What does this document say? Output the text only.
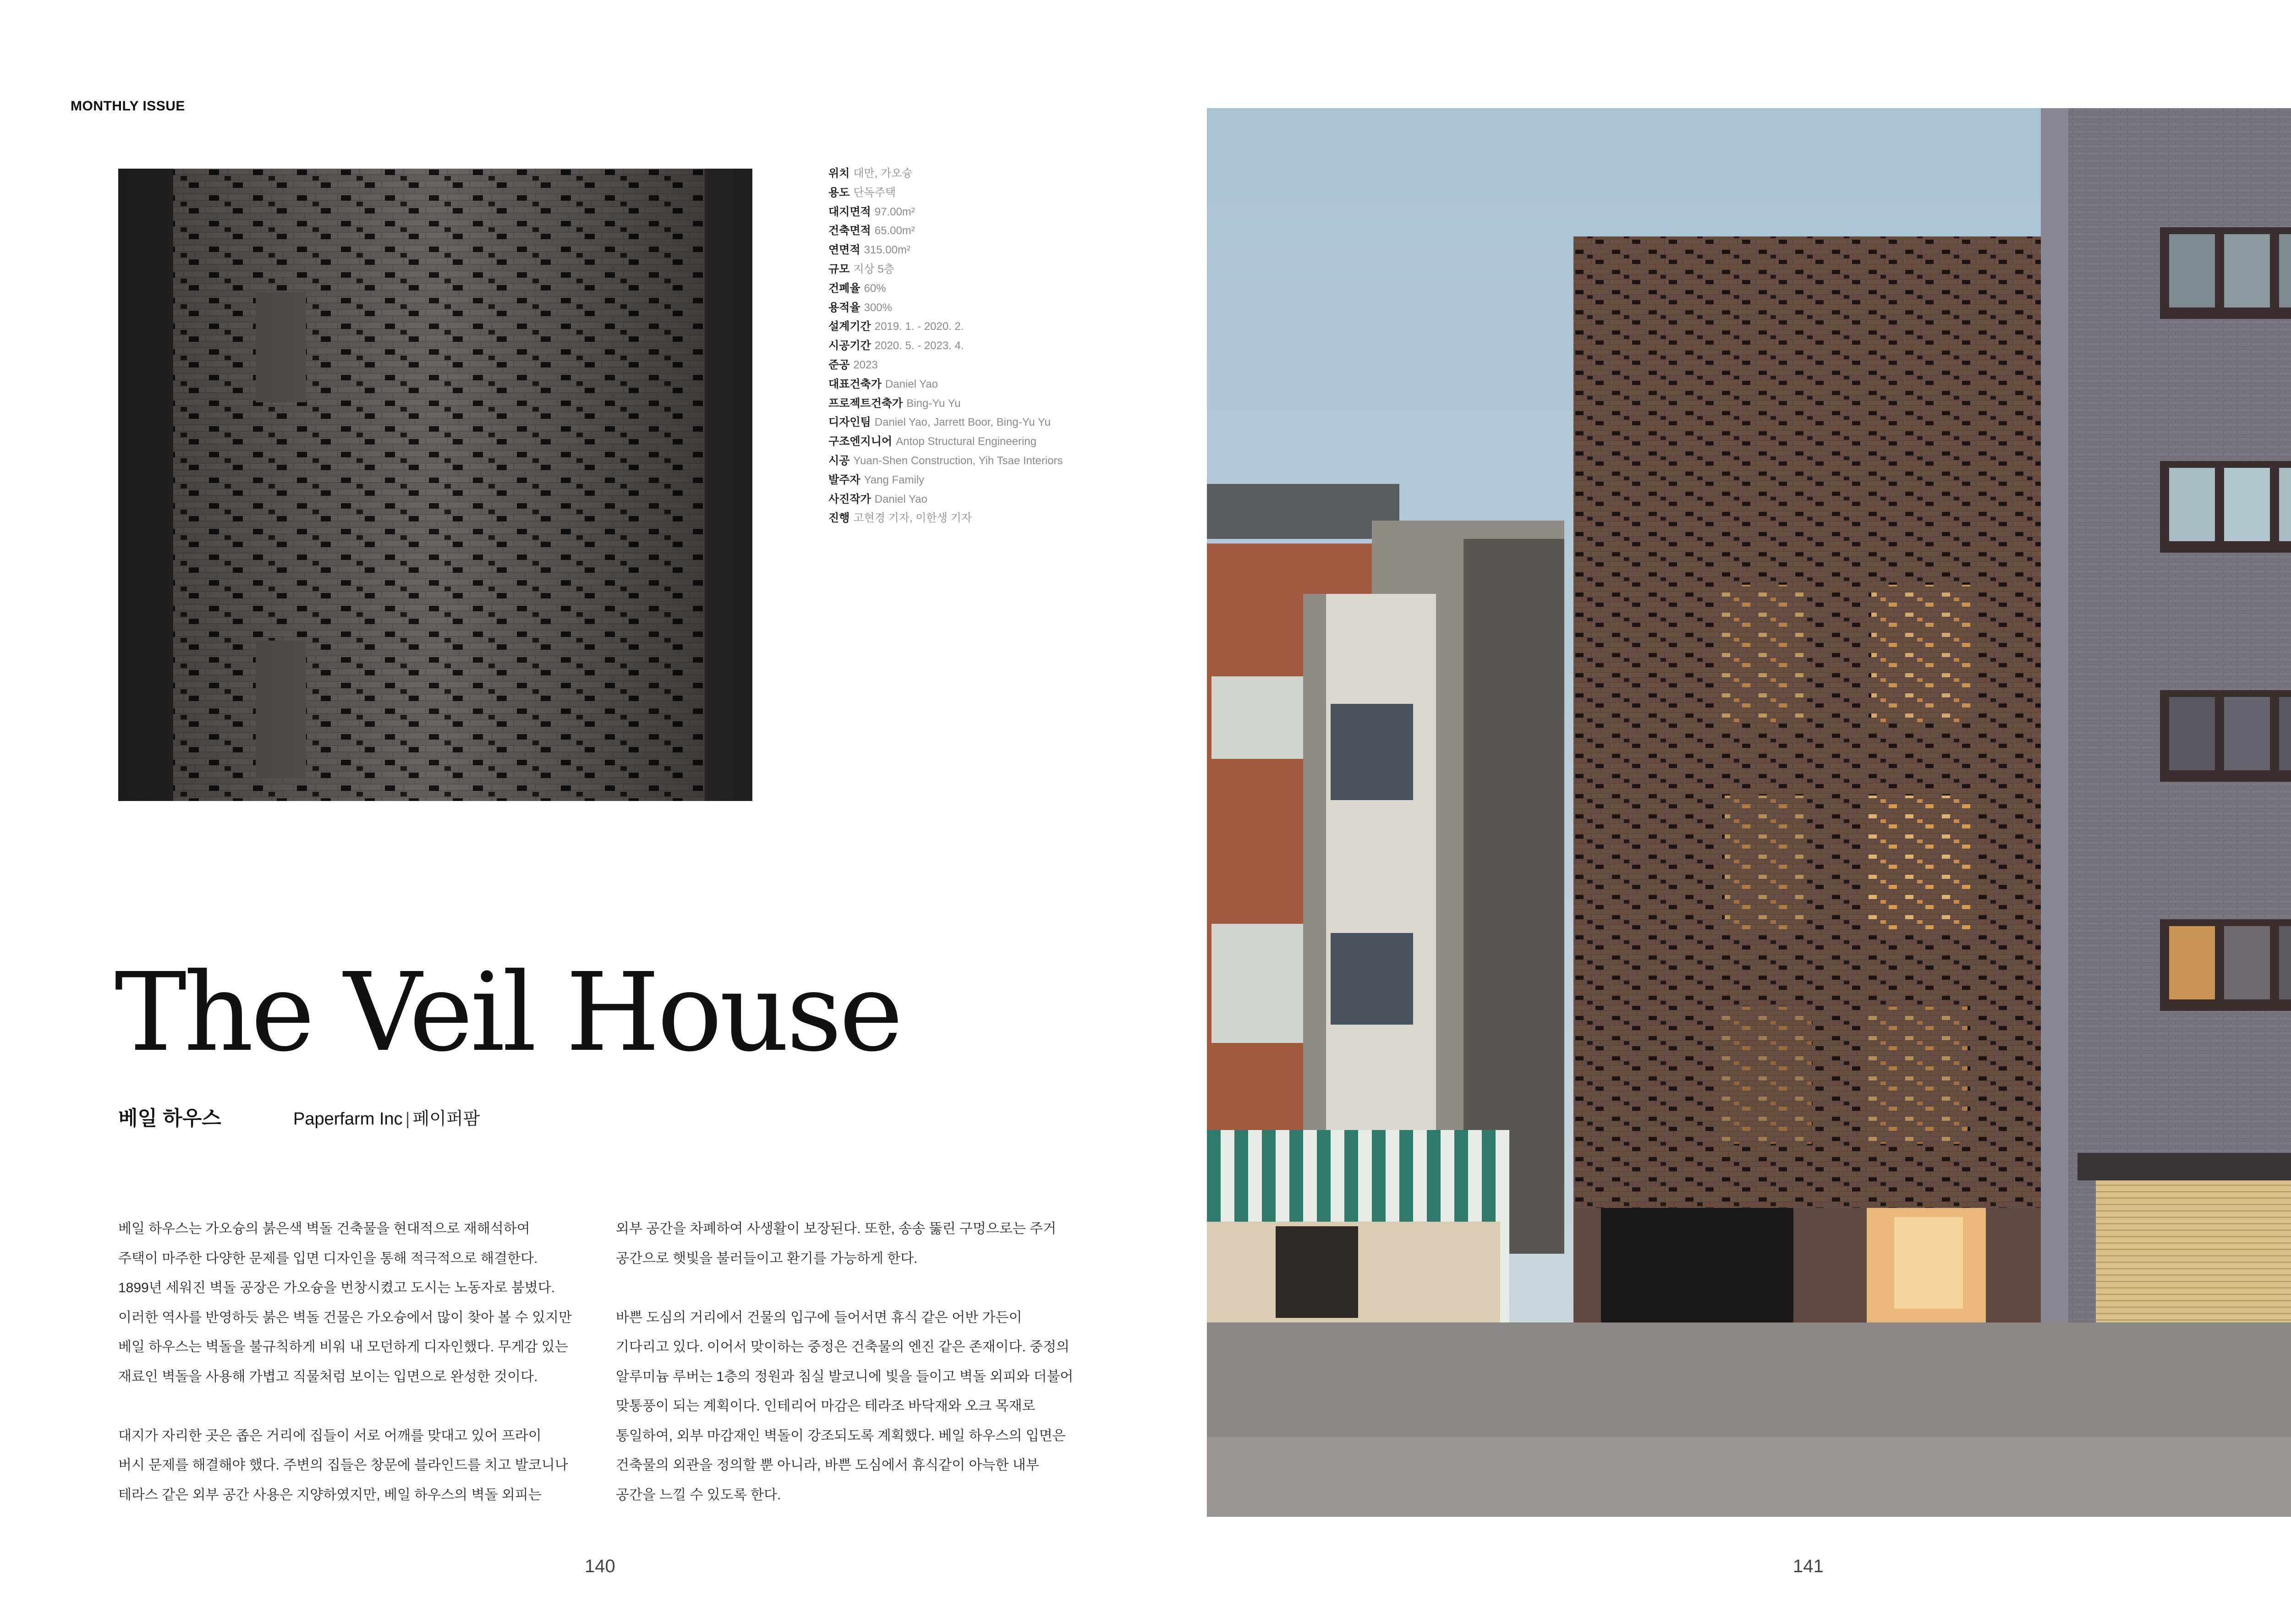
MONTHLY ISSUE
위치 대만, 가오슝
용도 단독주택
대지면적 97.00m²
건축면적 65.00m²
연면적 315.00m²
규모 지상 5층
건폐율 60%
용적율 300%
설계기간 2019. 1. - 2020. 2.
시공기간 2020. 5. - 2023. 4.
준공 2023
대표건축가 Daniel Yao
프로젝트건축가 Bing-Yu Yu
디자인팀 Daniel Yao, Jarrett Boor, Bing-Yu Yu
구조엔지니어 Antop Structural Engineering
시공 Yuan-Shen Construction, Yih Tsae Interiors
발주자 Yang Family
사진작가 Daniel Yao
진행 고현경 기자, 이한생 기자
The Veil House
베일 하우스	Paperfarm Inc | 페이퍼팜

베일 하우스는 가오슝의 붉은색 벽돌 건축물을 현대적으로 재해석하여

주택이 마주한 다양한 문제를 입면 디자인을 통해 적극적으로 해결한다.

1899년 세워진 벽돌 공장은 가오슝을 번창시켰고 도시는 노동자로 붐볐다.

이러한 역사를 반영하듯 붉은 벽돌 건물은 가오슝에서 많이 찾아 볼 수 있지만

베일 하우스는 벽돌을 불규칙하게 비워 내 모던하게 디자인했다. 무게감 있는

재료인 벽돌을 사용해 가볍고 직물처럼 보이는 입면으로 완성한 것이다.

대지가 자리한 곳은 좁은 거리에 집들이 서로 어깨를 맞대고 있어 프라이

버시 문제를 해결해야 했다. 주변의 집들은 창문에 블라인드를 치고 발코니나

테라스 같은 외부 공간 사용은 지양하였지만, 베일 하우스의 벽돌 외피는

외부 공간을 차폐하여 사생활이 보장된다. 또한, 송송 뚫린 구멍으로는 주거

공간으로 햇빛을 불러들이고 환기를 가능하게 한다.

바쁜 도심의 거리에서 건물의 입구에 들어서면 휴식 같은 어반 가든이

기다리고 있다. 이어서 맞이하는 중정은 건축물의 엔진 같은 존재이다. 중정의

알루미늄 루버는 1층의 정원과 침실 발코니에 빛을 들이고 벽돌 외피와 더불어

맞통풍이 되는 계획이다. 인테리어 마감은 테라조 바닥재와 오크 목재로

통일하여, 외부 마감재인 벽돌이 강조되도록 계획했다. 베일 하우스의 입면은

건축물의 외관을 정의할 뿐 아니라, 바쁜 도심에서 휴식같이 아늑한 내부

공간을 느낄 수 있도록 한다.

140	141
